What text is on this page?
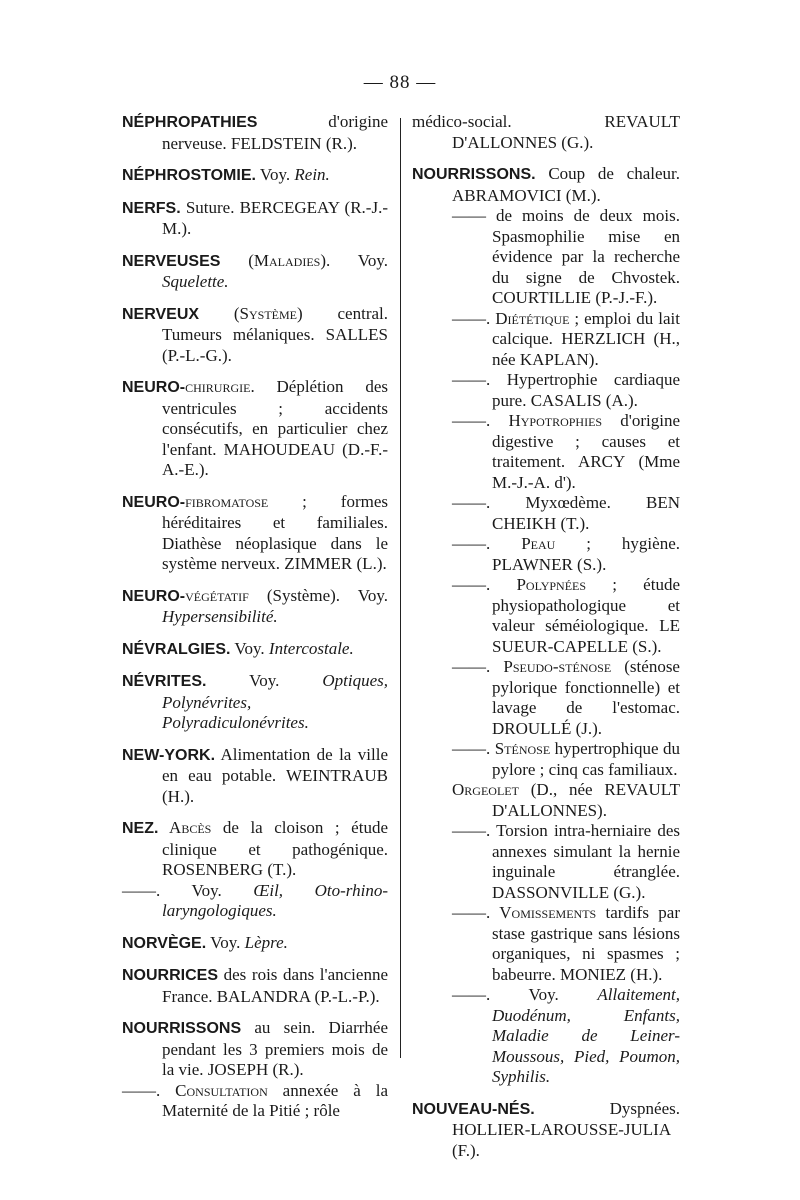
— 88 —
NÉPHROPATHIES d'origine nerveuse. FELDSTEIN (R.).
NÉPHROSTOMIE. Voy. Rein.
NERFS. Suture. BERCEGEAY (R.-J.-M.).
NERVEUSES (Maladies). Voy. Squelette.
NERVEUX (Système) central. Tumeurs mélaniques. SALLES (P.-L.-G.).
NEURO-chirurgie. Déplétion des ventricules ; accidents consécutifs, en particulier chez l'enfant. MAHOUDEAU (D.-F.-A.-E.).
NEURO-fibromatose ; formes héréditaires et familiales. Diathèse néoplasique dans le système nerveux. ZIMMER (L.).
NEURO-végétatif (Système). Voy. Hypersensibilité.
NÉVRALGIES. Voy. Intercostale.
NÉVRITES. Voy. Optiques, Polynévrites, Polyradiculonévrites.
NEW-YORK. Alimentation de la ville en eau potable. WEINTRAUB (H.).
NEZ. Abcès de la cloison ; étude clinique et pathogénique. ROSENBERG (T.).
——. Voy. Œil, Oto-rhino-laryngologiques.
NORVÈGE. Voy. Lèpre.
NOURRICES des rois dans l'ancienne France. BALANDRA (P.-L.-P.).
NOURRISSONS au sein. Diarrhée pendant les 3 premiers mois de la vie. JOSEPH (R.).
——. Consultation annexée à la Maternité de la Pitié ; rôle
médico-social. REVAULT D'ALLONNES (G.).
NOURRISSONS. Coup de chaleur. ABRAMOVICI (M.).
—— de moins de deux mois. Spasmophilie mise en évidence par la recherche du signe de Chvostek. COURTILLIE (P.-J.-F.).
——. Diététique ; emploi du lait calcique. HERZLICH (H., née KAPLAN).
——. Hypertrophie cardiaque pure. CASALIS (A.).
——. Hypotrophies d'origine digestive ; causes et traitement. ARCY (Mme M.-J.-A. d').
——. Myxœdème. BEN CHEIKH (T.).
——. Peau ; hygiène. PLAWNER (S.).
——. Polypnées ; étude physiopathologique et valeur séméiologique. LE SUEUR-CAPELLE (S.).
——. Pseudo-sténose (sténose pylorique fonctionnelle) et lavage de l'estomac. DROULLÉ (J.).
——. Sténose hypertrophique du pylore ; cinq cas familiaux.
Orgeolet (D., née REVAULT D'ALLONNES).
——. Torsion intra-herniaire des annexes simulant la hernie inguinale étranglée. DASSONVILLE (G.).
——. Vomissements tardifs par stase gastrique sans lésions organiques, ni spasmes ; babeurre. MONIEZ (H.).
——. Voy. Allaitement, Duodénum, Enfants, Maladie de Leiner-Moussous, Pied, Poumon, Syphilis.
NOUVEAU-NÉS. Dyspnées. HOLLIER-LAROUSSE-JULIA (F.).
